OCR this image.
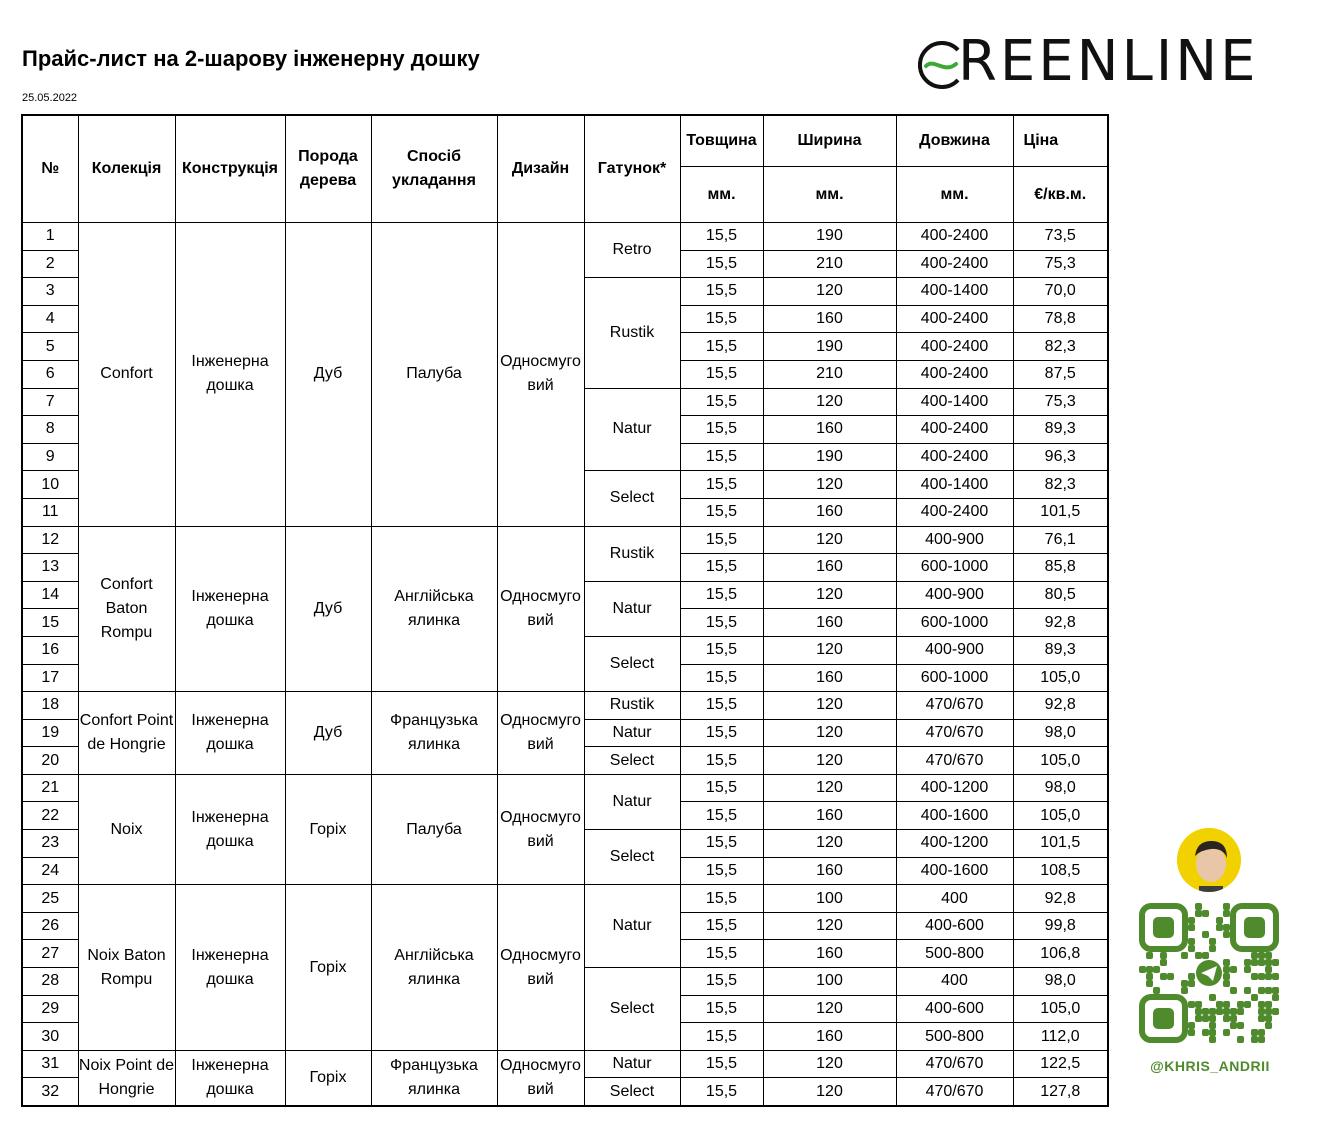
Прайс-лист на 2-шарову інженерну дошку
25.05.2022
REENLINE
№	Колекція	Конструкція	Порода дерева	Спосіб укладання	Дизайн	Гатунок*	Товщина	Ширина	Довжина	Ціна
							мм.	мм.	мм.	€/кв.м.
1	Confort	Інженерна дошка	Дуб	Палуба	Односмуговий	Retro	15,5	190	400-2400	73,5
2							15,5	210	400-2400	75,3
3						Rustik	15,5	120	400-1400	70,0
4							15,5	160	400-2400	78,8
5							15,5	190	400-2400	82,3
6							15,5	210	400-2400	87,5
7						Natur	15,5	120	400-1400	75,3
8							15,5	160	400-2400	89,3
9							15,5	190	400-2400	96,3
10						Select	15,5	120	400-1400	82,3
11							15,5	160	400-2400	101,5
12	Confort Baton Rompu	Інженерна дошка	Дуб	Англійська ялинка	Односмуговий	Rustik	15,5	120	400-900	76,1
13							15,5	160	600-1000	85,8
14						Natur	15,5	120	400-900	80,5
15							15,5	160	600-1000	92,8
16						Select	15,5	120	400-900	89,3
17							15,5	160	600-1000	105,0
18	Confort Point de Hongrie	Інженерна дошка	Дуб	Французька ялинка	Односмуговий	Rustik	15,5	120	470/670	92,8
19						Natur	15,5	120	470/670	98,0
20						Select	15,5	120	470/670	105,0
21	Noix	Інженерна дошка	Горіх	Палуба	Односмуговий	Natur	15,5	120	400-1200	98,0
22							15,5	160	400-1600	105,0
23						Select	15,5	120	400-1200	101,5
24							15,5	160	400-1600	108,5
25	Noix Baton Rompu	Інженерна дошка	Горіх	Англійська ялинка	Односмуговий	Natur	15,5	100	400	92,8
26							15,5	120	400-600	99,8
27							15,5	160	500-800	106,8
28						Select	15,5	100	400	98,0
29							15,5	120	400-600	105,0
30							15,5	160	500-800	112,0
31	Noix Point de Hongrie	Інженерна дошка	Горіх	Французька ялинка	Односмуговий	Natur	15,5	120	470/670	122,5
32						Select	15,5	120	470/670	127,8
@KHRIS_ANDRII
